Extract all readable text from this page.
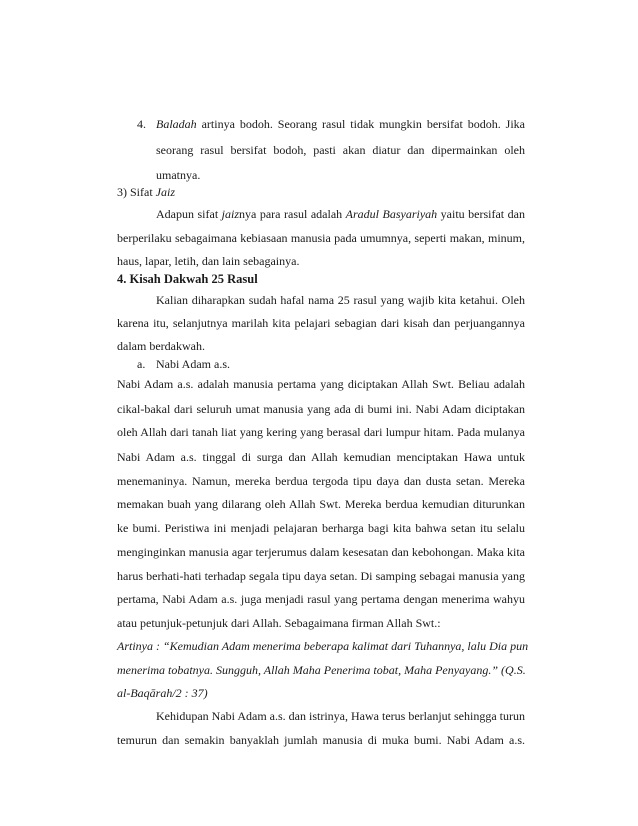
4. Baladah artinya bodoh. Seorang rasul tidak mungkin bersifat bodoh. Jika
seorang rasul bersifat bodoh, pasti akan diatur dan dipermainkan oleh
umatnya.
3) Sifat Jaiz
Adapun sifat jaiznya para rasul adalah Aradul Basyariyah yaitu bersifat dan
berperilaku sebagaimana kebiasaan manusia pada umumnya, seperti makan, minum,
haus, lapar, letih, dan lain sebagainya.
4. Kisah Dakwah 25 Rasul
Kalian diharapkan sudah hafal nama 25 rasul yang wajib kita ketahui. Oleh
karena itu, selanjutnya marilah kita pelajari sebagian dari kisah dan perjuangannya
dalam berdakwah.
a. Nabi Adam a.s.
Nabi Adam a.s. adalah manusia pertama yang diciptakan Allah Swt. Beliau adalah
cikal-bakal dari seluruh umat manusia yang ada di bumi ini. Nabi Adam diciptakan
oleh Allah dari tanah liat yang kering yang berasal dari lumpur hitam. Pada mulanya
Nabi Adam a.s. tinggal di surga dan Allah kemudian menciptakan Hawa untuk
menemaninya. Namun, mereka berdua tergoda tipu daya dan dusta setan. Mereka
memakan buah yang dilarang oleh Allah Swt. Mereka berdua kemudian diturunkan
ke bumi. Peristiwa ini menjadi pelajaran berharga bagi kita bahwa setan itu selalu
menginginkan manusia agar terjerumus dalam kesesatan dan kebohongan. Maka kita
harus berhati-hati terhadap segala tipu daya setan. Di samping sebagai manusia yang
pertama, Nabi Adam a.s. juga menjadi rasul yang pertama dengan menerima wahyu
atau petunjuk-petunjuk dari Allah. Sebagaimana firman Allah Swt.:
Artinya : “Kemudian Adam menerima beberapa kalimat dari Tuhannya, lalu Dia pun
menerima tobatnya. Sungguh, Allah Maha Penerima tobat, Maha Penyayang.” (Q.S.
al-Baqārah/2 : 37)
Kehidupan Nabi Adam a.s. dan istrinya, Hawa terus berlanjut sehingga turun
temurun dan semakin banyaklah jumlah manusia di muka bumi. Nabi Adam a.s.
